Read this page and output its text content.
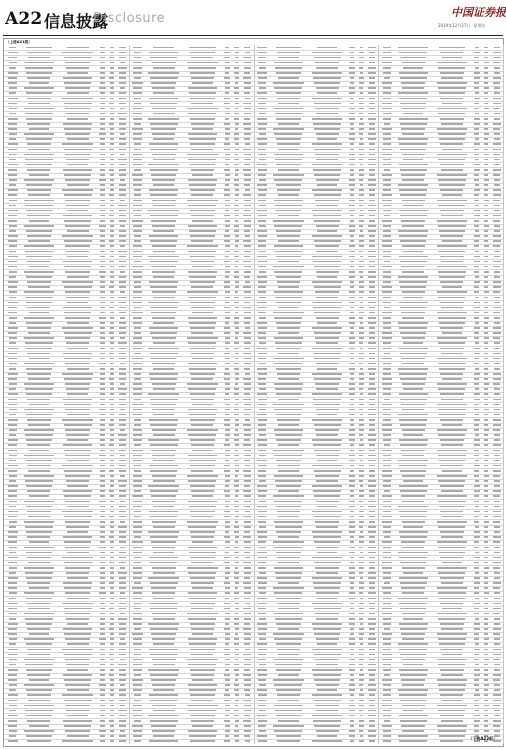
A22 信息披露
Disclosure	中国证券报
2019年12月27日 星期五
（上接A21版）
（下转A23版）
